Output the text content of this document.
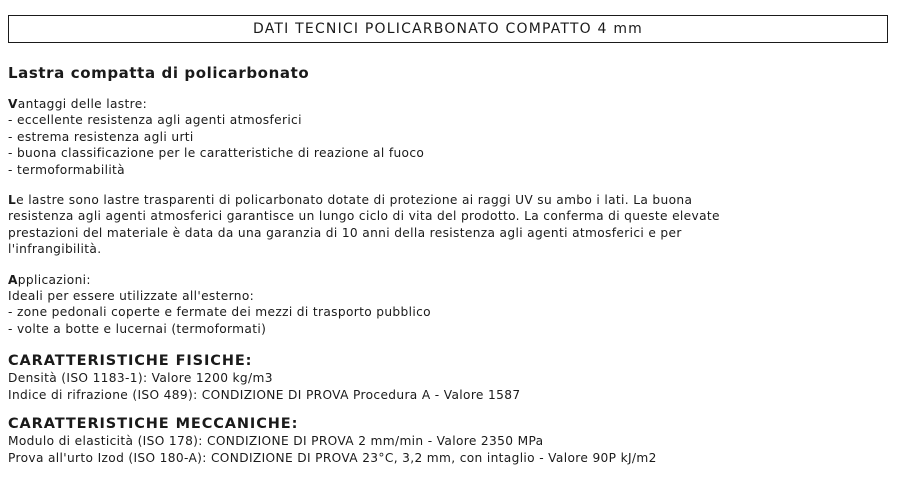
DATI TECNICI POLICARBONATO COMPATTO 4 mm
Lastra compatta di policarbonato
Vantaggi delle lastre:
- eccellente resistenza agli agenti atmosferici
- estrema resistenza agli urti
- buona classificazione per le caratteristiche di reazione al fuoco
- termoformabilità
Le lastre sono lastre trasparenti di policarbonato dotate di protezione ai raggi UV su ambo i lati. La buona
resistenza agli agenti atmosferici garantisce un lungo ciclo di vita del prodotto. La conferma di queste elevate
prestazioni del materiale è data da una garanzia di 10 anni della resistenza agli agenti atmosferici e per
l'infrangibilità.
Applicazioni:
Ideali per essere utilizzate all'esterno:
- zone pedonali coperte e fermate dei mezzi di trasporto pubblico
- volte a botte e lucernai (termoformati)
CARATTERISTICHE FISICHE:
Densità (ISO 1183-1): Valore 1200 kg/m3
Indice di rifrazione (ISO 489): CONDIZIONE DI PROVA Procedura A - Valore 1587
CARATTERISTICHE MECCANICHE:
Modulo di elasticità (ISO 178): CONDIZIONE DI PROVA 2 mm/min - Valore 2350 MPa
Prova all'urto Izod (ISO 180-A): CONDIZIONE DI PROVA 23°C, 3,2 mm, con intaglio - Valore 90P kJ/m2
